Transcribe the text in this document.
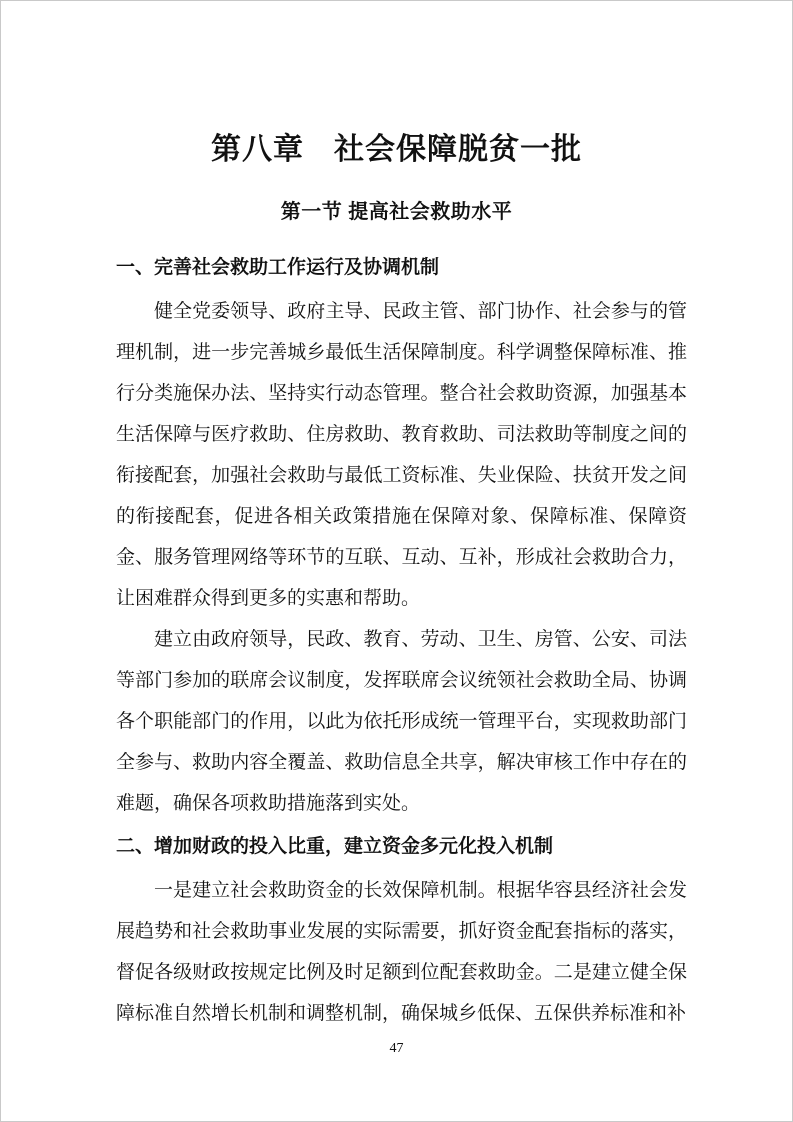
第八章 社会保障脱贫一批
第一节 提高社会救助水平
一、完善社会救助工作运行及协调机制

健全党委领导、政府主导、民政主管、部门协作、社会参与的管理机制，进一步完善城乡最低生活保障制度。科学调整保障标准、推行分类施保办法、坚持实行动态管理。整合社会救助资源，加强基本生活保障与医疗救助、住房救助、教育救助、司法救助等制度之间的衔接配套，加强社会救助与最低工资标准、失业保险、扶贫开发之间的衔接配套，促进各相关政策措施在保障对象、保障标准、保障资金、服务管理网络等环节的互联、互动、互补，形成社会救助合力，让困难群众得到更多的实惠和帮助。

建立由政府领导，民政、教育、劳动、卫生、房管、公安、司法等部门参加的联席会议制度，发挥联席会议统领社会救助全局、协调各个职能部门的作用，以此为依托形成统一管理平台，实现救助部门全参与、救助内容全覆盖、救助信息全共享，解决审核工作中存在的难题，确保各项救助措施落到实处。

二、增加财政的投入比重，建立资金多元化投入机制

一是建立社会救助资金的长效保障机制。根据华容县经济社会发展趋势和社会救助事业发展的实际需要，抓好资金配套指标的落实，督促各级财政按规定比例及时足额到位配套救助金。二是建立健全保障标准自然增长机制和调整机制，确保城乡低保、五保供养标准和补

47
